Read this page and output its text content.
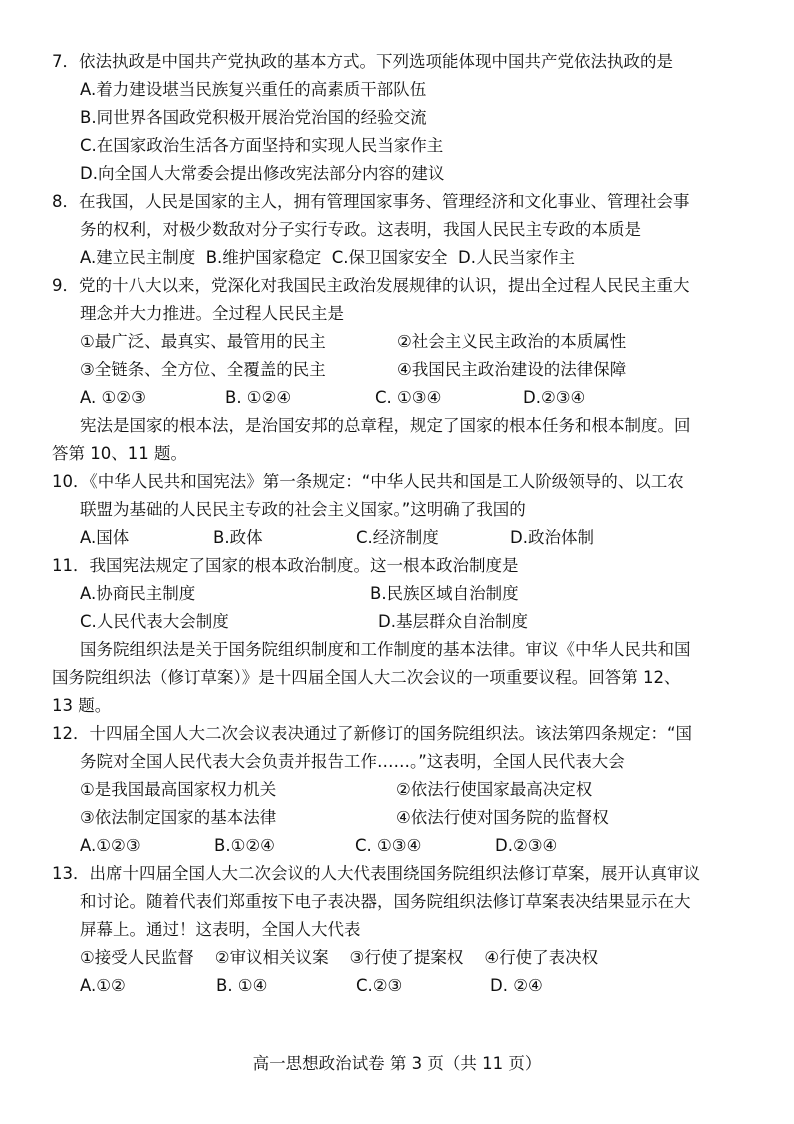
7．依法执政是中国共产党执政的基本方式。下列选项能体现中国共产党依法执政的是
A.着力建设堪当民族复兴重任的高素质干部队伍
B.同世界各国政党积极开展治党治国的经验交流
C.在国家政治生活各方面坚持和实现人民当家作主
D.向全国人大常委会提出修改宪法部分内容的建议
8．在我国，人民是国家的主人，拥有管理国家事务、管理经济和文化事业、管理社会事
务的权利，对极少数敌对分子实行专政。这表明，我国人民民主专政的本质是
A.建立民主制度  B.维护国家稳定  C.保卫国家安全  D.人民当家作主
9．党的十八大以来，党深化对我国民主政治发展规律的认识，提出全过程人民民主重大
理念并大力推进。全过程人民民主是
①最广泛、最真实、最管用的民主	②社会主义民主政治的本质属性
③全链条、全方位、全覆盖的民主	④我国民主政治建设的法律保障
A. ①②③	B. ①②④	C. ①③④	D.②③④
宪法是国家的根本法，是治国安邦的总章程，规定了国家的根本任务和根本制度。回
答第 10、11 题。
10．《中华人民共和国宪法》第一条规定：“中华人民共和国是工人阶级领导的、以工农
联盟为基础的人民民主专政的社会主义国家。”这明确了我国的
A.国体	B.政体	C.经济制度	D.政治体制
11．我国宪法规定了国家的根本政治制度。这一根本政治制度是
A.协商民主制度	B.民族区域自治制度
C.人民代表大会制度	D.基层群众自治制度
国务院组织法是关于国务院组织制度和工作制度的基本法律。审议《中华人民共和国
国务院组织法（修订草案）》是十四届全国人大二次会议的一项重要议程。回答第 12、
13 题。
12．十四届全国人大二次会议表决通过了新修订的国务院组织法。该法第四条规定：“国
务院对全国人民代表大会负责并报告工作……。”这表明，全国人民代表大会
①是我国最高国家权力机关	②依法行使国家最高决定权
③依法制定国家的基本法律	④依法行使对国务院的监督权
A.①②③	B.①②④	C. ①③④	D.②③④
13．出席十四届全国人大二次会议的人大代表围绕国务院组织法修订草案，展开认真审议
和讨论。随着代表们郑重按下电子表决器，国务院组织法修订草案表决结果显示在大
屏幕上。通过！这表明，全国人大代表
①接受人民监督    ②审议相关议案    ③行使了提案权    ④行使了表决权
A.①②	B. ①④	C.②③	D. ②④
高一思想政治试卷 第 3 页（共 11 页）
